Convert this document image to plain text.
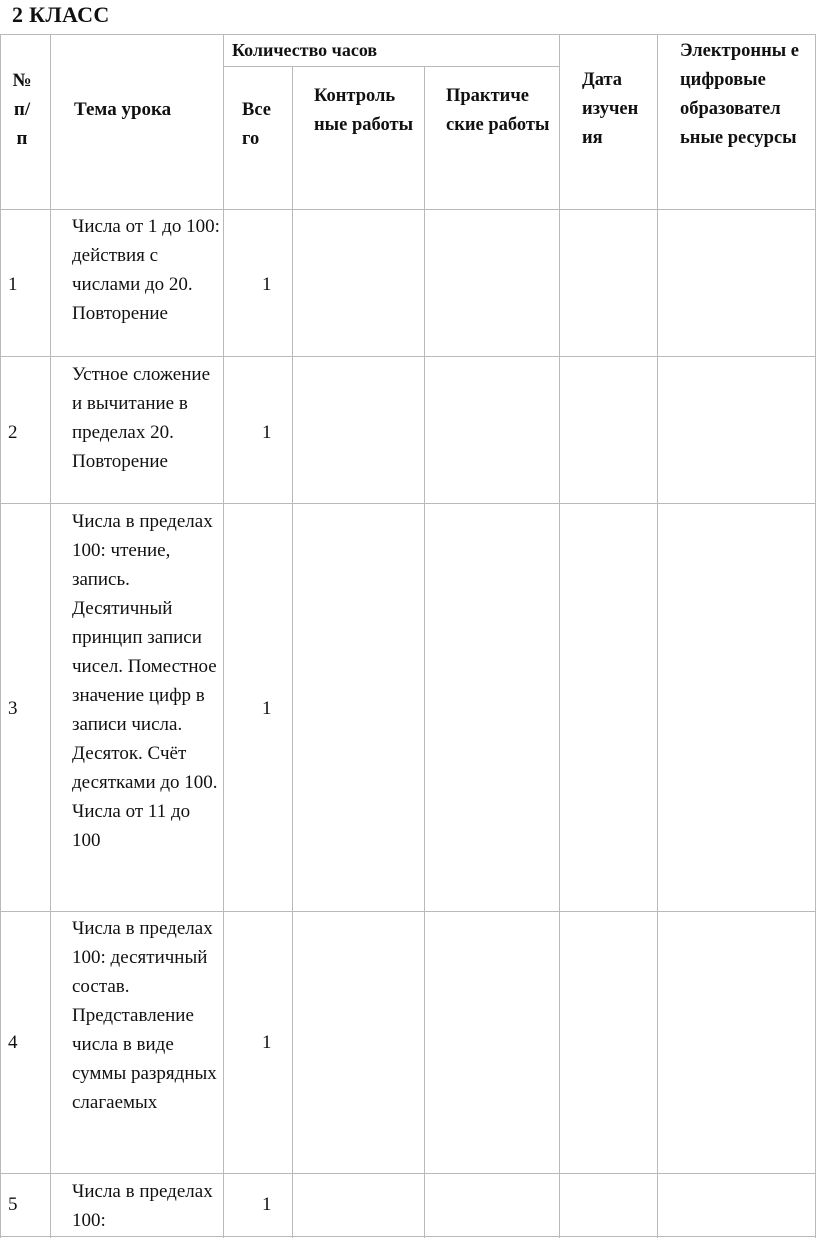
2 КЛАСС
№ п/ п
Тема урока
Количество часов
Все го
Контроль ные работы
Практиче ские работы
Дата изучен ия
Электронны е цифровые образовател ьные ресурсы
1
Числа от 1 до 100: действия с числами до 20. Повторение
1
2
Устное сложение и вычитание в пределах 20. Повторение
1
3
Числа в пределах 100: чтение, запись. Десятичный принцип записи чисел. Поместное значение цифр в записи числа. Десяток. Счёт десятками до 100. Числа от 11 до 100
1
4
Числа в пределах 100: десятичный состав. Представление числа в виде суммы разрядных слагаемых
1
5
Числа в пределах 100:
1
